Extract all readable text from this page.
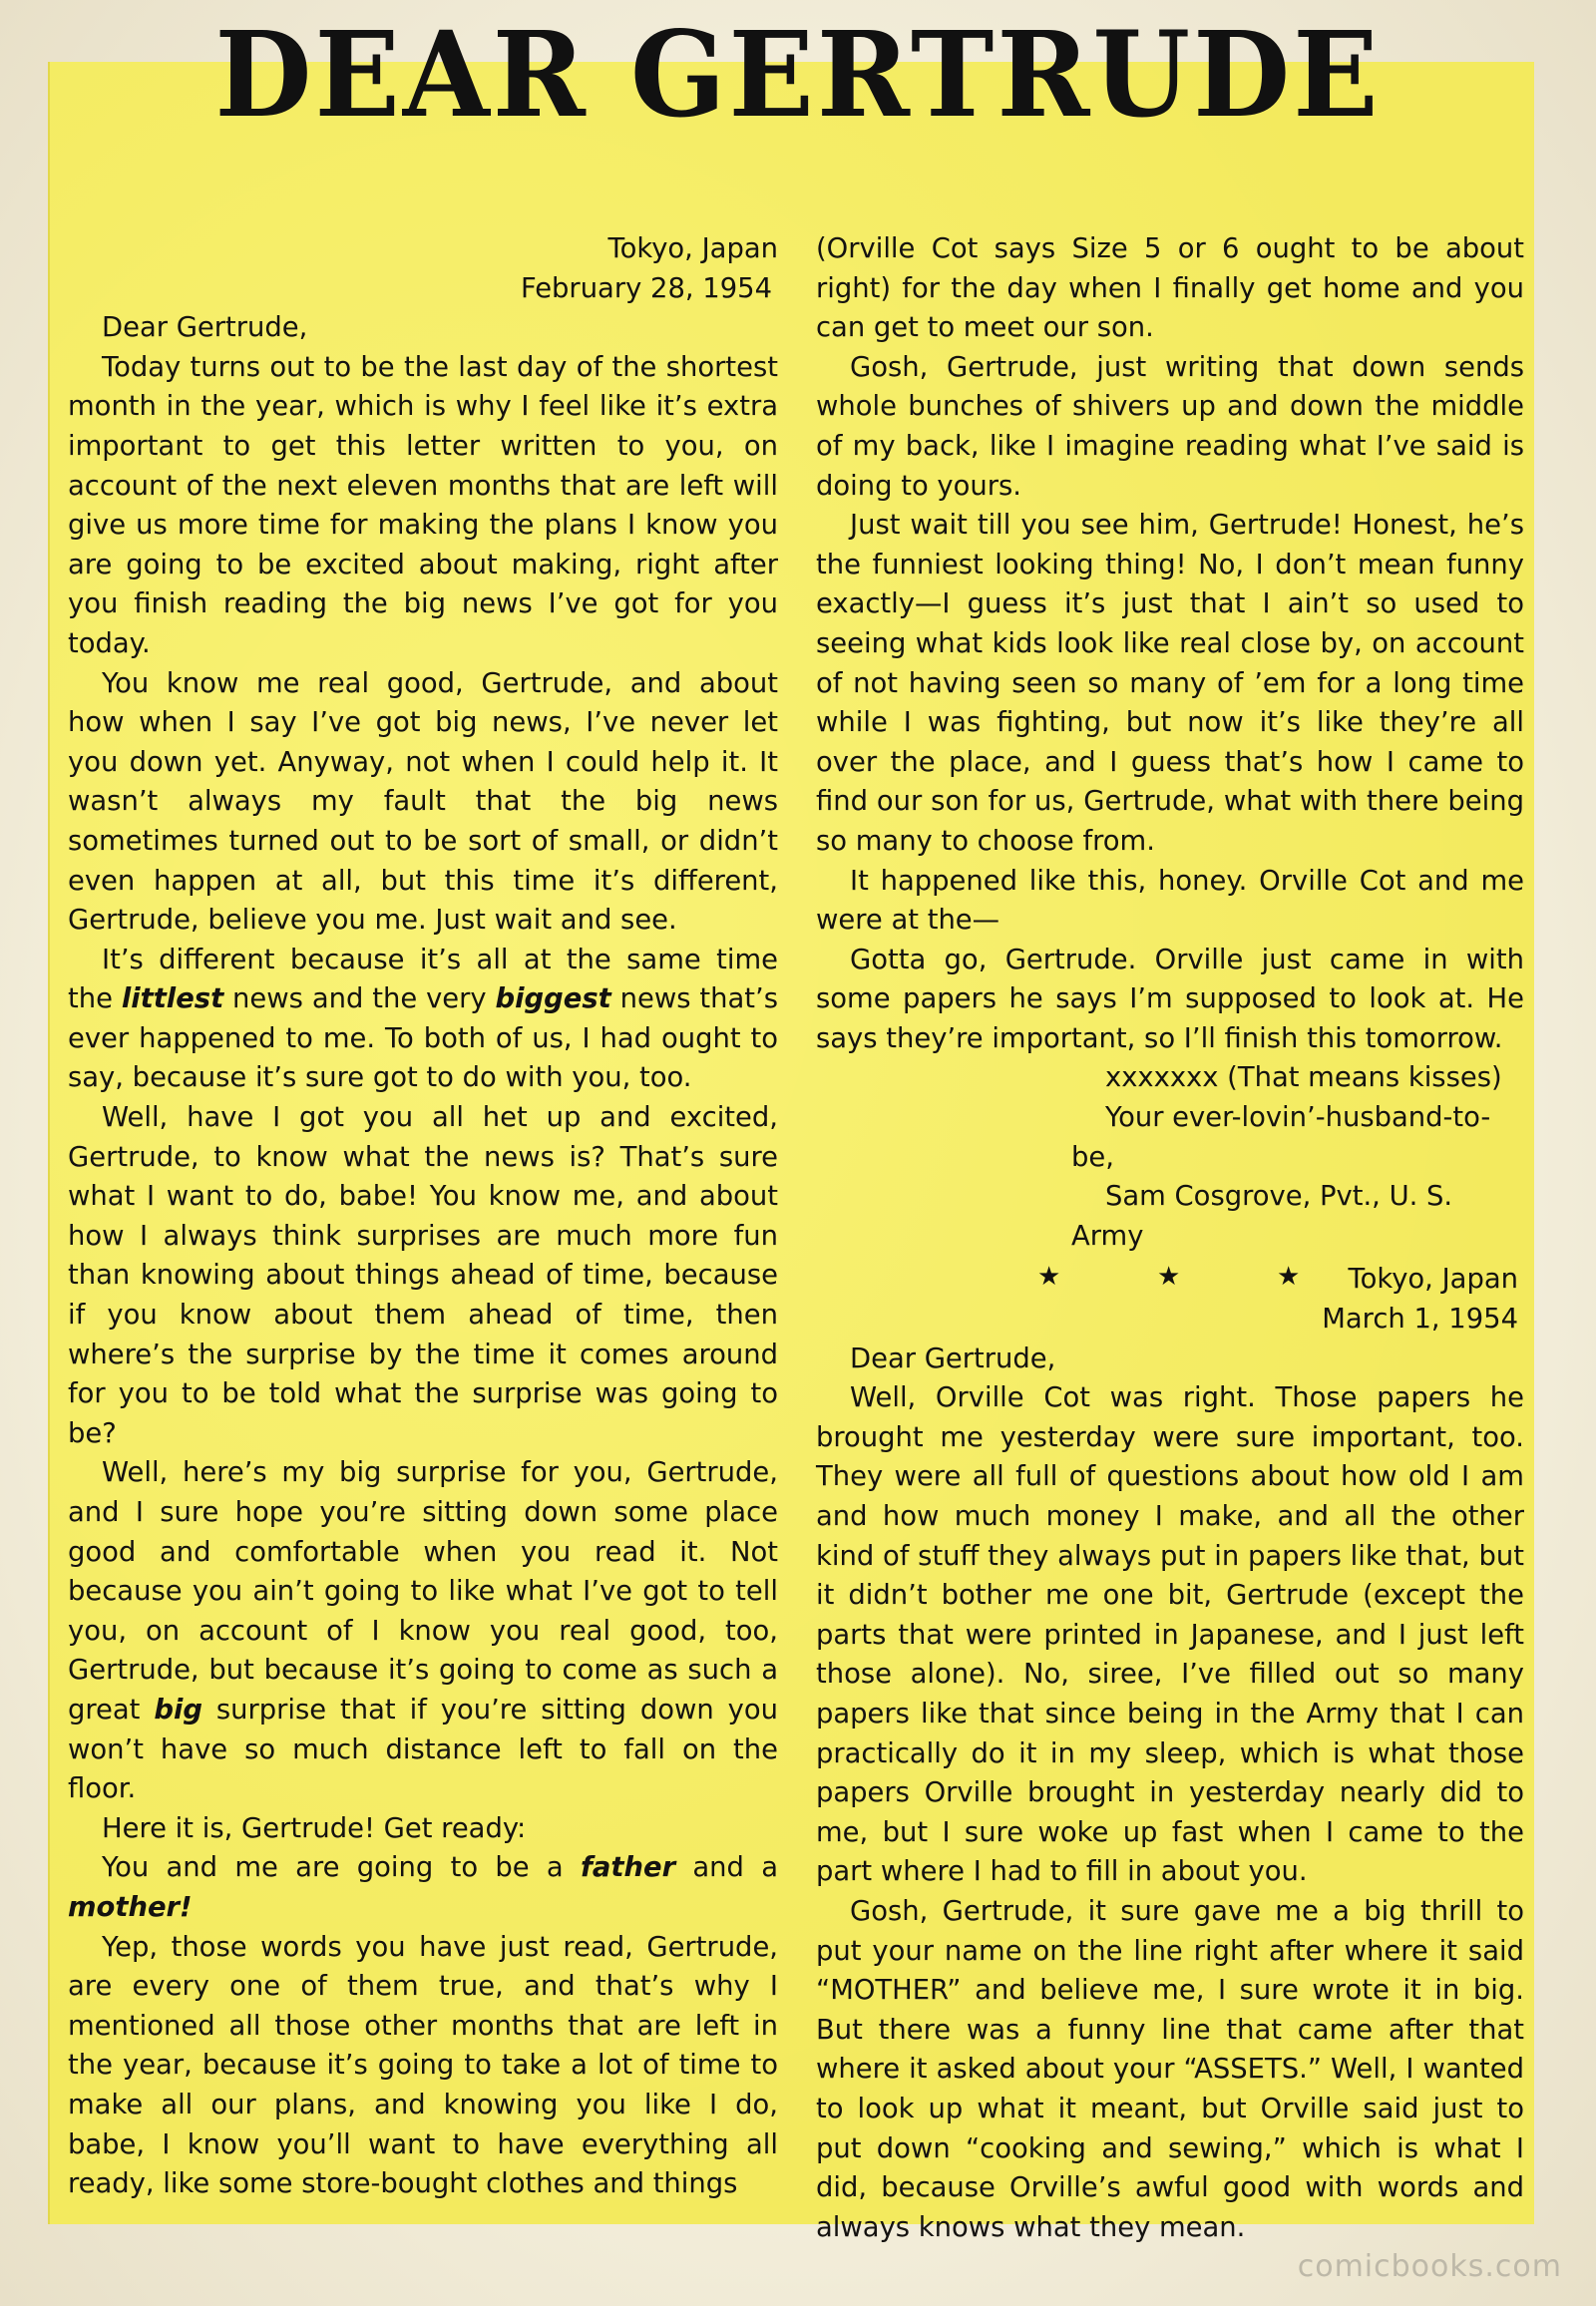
DEAR GERTRUDE

Tokyo, Japan

February 28, 1954

Dear Gertrude,

Today turns out to be the last day of the shortest month in the year, which is why I feel like it’s extra important to get this letter written to you, on account of the next eleven months that are left will give us more time for making the plans I know you are going to be excited about making, right after you finish reading the big news I’ve got for you today.

You know me real good, Gertrude, and about how when I say I’ve got big news, I’ve never let you down yet. Anyway, not when I could help it. It wasn’t always my fault that the big news sometimes turned out to be sort of small, or didn’t even happen at all, but this time it’s different, Gertrude, believe you me. Just wait and see.

It’s different because it’s all at the same time the littlest news and the very biggest news that’s ever happened to me. To both of us, I had ought to say, because it’s sure got to do with you, too.

Well, have I got you all het up and excited, Gertrude, to know what the news is? That’s sure what I want to do, babe! You know me, and about how I always think surprises are much more fun than knowing about things ahead of time, because if you know about them ahead of time, then where’s the surprise by the time it comes around for you to be told what the surprise was going to be?

Well, here’s my big surprise for you, Gertrude, and I sure hope you’re sitting down some place good and comfortable when you read it. Not because you ain’t going to like what I’ve got to tell you, on account of I know you real good, too, Gertrude, but because it’s going to come as such a great big surprise that if you’re sitting down you won’t have so much distance left to fall on the floor.

Here it is, Gertrude! Get ready:

You and me are going to be a father and a mother!

Yep, those words you have just read, Gertrude, are every one of them true, and that’s why I mentioned all those other months that are left in the year, because it’s going to take a lot of time to make all our plans, and knowing you like I do, babe, I know you’ll want to have everything all ready, like some store-bought clothes and things

(Orville Cot says Size 5 or 6 ought to be about right) for the day when I finally get home and you can get to meet our son.

Gosh, Gertrude, just writing that down sends whole bunches of shivers up and down the middle of my back, like I imagine reading what I’ve said is doing to yours.

Just wait till you see him, Gertrude! Honest, he’s the funniest looking thing! No, I don’t mean funny exactly—I guess it’s just that I ain’t so used to seeing what kids look like real close by, on account of not having seen so many of ’em for a long time while I was fighting, but now it’s like they’re all over the place, and I guess that’s how I came to find our son for us, Gertrude, what with there being so many to choose from.

It happened like this, honey. Orville Cot and me were at the—

Gotta go, Gertrude. Orville just came in with some papers he says I’m supposed to look at. He says they’re important, so I’ll finish this tomorrow.

xxxxxxx (That means kisses)

Your ever-lovin’-husband-to-be,

Sam Cosgrove, Pvt., U. S. Army

★	★	★	Tokyo, Japan

March 1, 1954

Dear Gertrude,

Well, Orville Cot was right. Those papers he brought me yesterday were sure important, too. They were all full of questions about how old I am and how much money I make, and all the other kind of stuff they always put in papers like that, but it didn’t bother me one bit, Gertrude (except the parts that were printed in Japanese, and I just left those alone). No, siree, I’ve filled out so many papers like that since being in the Army that I can practically do it in my sleep, which is what those papers Orville brought in yesterday nearly did to me, but I sure woke up fast when I came to the part where I had to fill in about you.

Gosh, Gertrude, it sure gave me a big thrill to put your name on the line right after where it said “MOTHER” and believe me, I sure wrote it in big. But there was a funny line that came after that where it asked about your “ASSETS.” Well, I wanted to look up what it meant, but Orville said just to put down “cooking and sewing,” which is what I did, because Orville’s awful good with words and always knows what they mean.

comicbooks.com
